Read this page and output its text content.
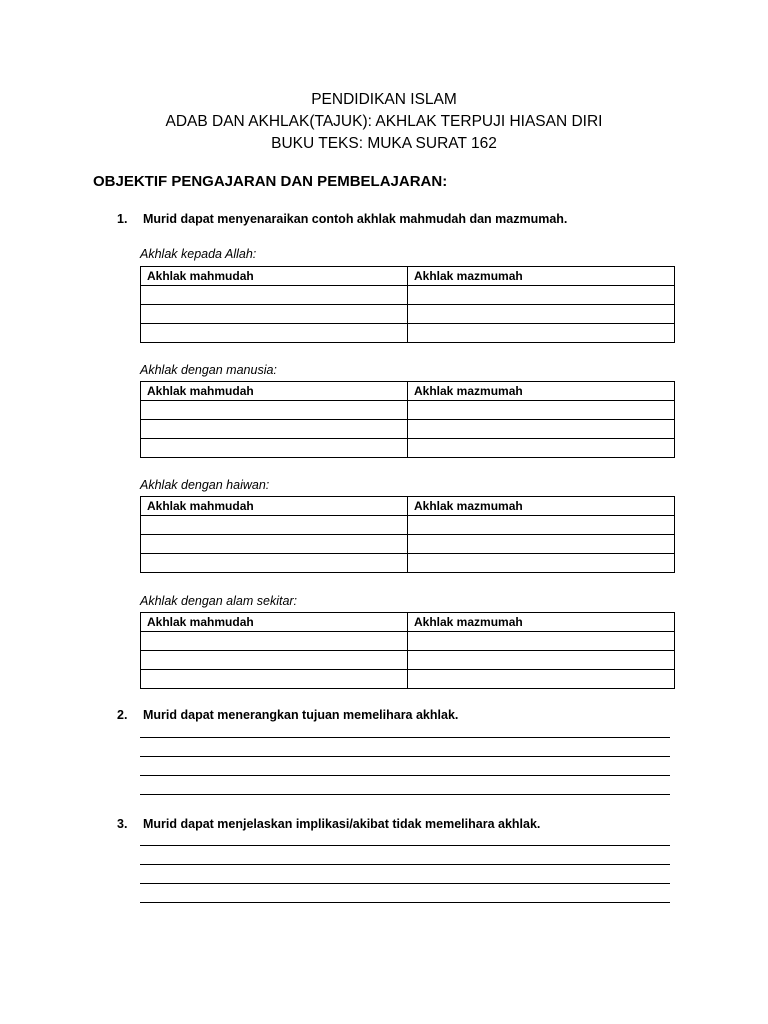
PENDIDIKAN ISLAM
ADAB DAN AKHLAK(TAJUK): AKHLAK TERPUJI HIASAN DIRI
BUKU TEKS: MUKA SURAT 162
OBJEKTIF PENGAJARAN DAN PEMBELAJARAN:
1. Murid dapat menyenaraikan contoh akhlak mahmudah dan mazmumah.
Akhlak kepada Allah:
Akhlak mahmudah	Akhlak mazmumah

Akhlak dengan manusia:
Akhlak mahmudah	Akhlak mazmumah

Akhlak dengan haiwan:
Akhlak mahmudah	Akhlak mazmumah

Akhlak dengan alam sekitar:
Akhlak mahmudah	Akhlak mazmumah

2. Murid dapat menerangkan tujuan memelihara akhlak.
3. Murid dapat menjelaskan implikasi/akibat tidak memelihara akhlak.
